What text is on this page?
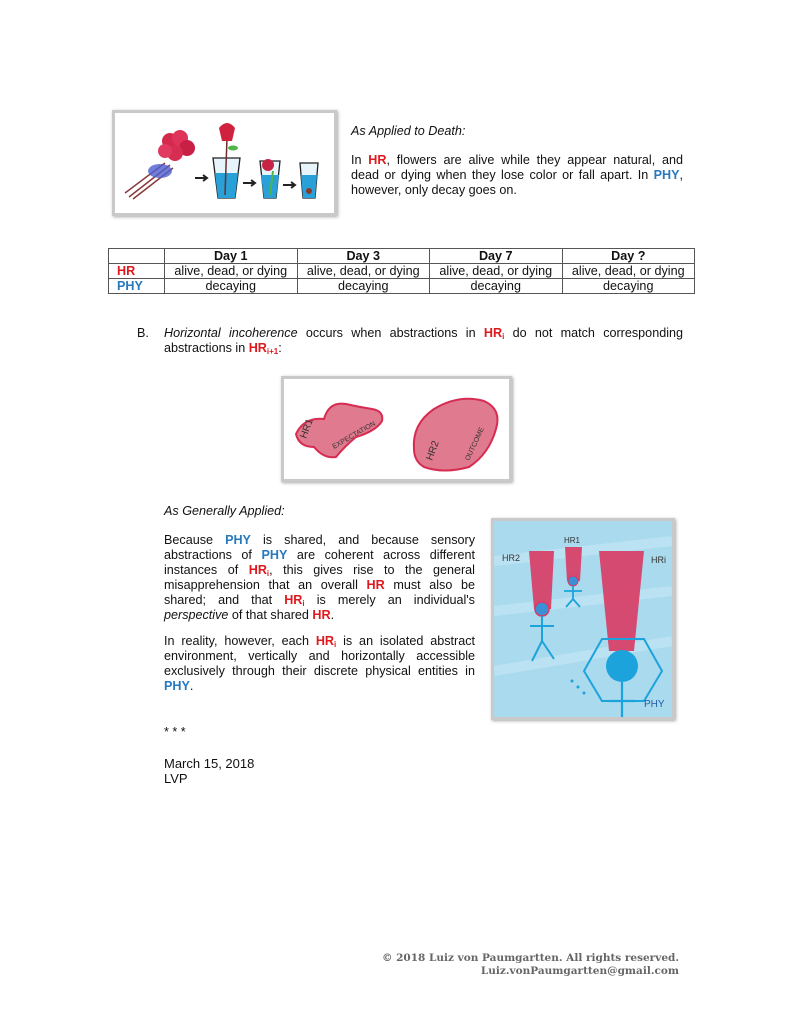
As Applied to Death:
In HR, flowers are alive while they appear natural, and dead or dying when they lose color or fall apart. In PHY, however, only decay goes on.
	Day 1	Day 3	Day 7	Day ?
HR	alive, dead, or dying	alive, dead, or dying	alive, dead, or dying	alive, dead, or dying
PHY	decaying	decaying	decaying	decaying
B. Horizontal incoherence occurs when abstractions in $HR_i$ do not match corresponding abstractions in $HR_{i+1}$:
HR1 EXPECTATION
HR2	OUTCOME
As Generally Applied:
Because PHY is shared, and because sensory abstractions of PHY are coherent across different instances of $HR_i$, this gives rise to the general misapprehension that an overall HR must also be shared; and that $HR_i$ is merely an individual's perspective of that shared HR.
In reality, however, each $HR_i$ is an isolated abstract environment, vertically and horizontally accessible exclusively through their discrete physical entities in PHY.
HR2
HR1
HRi
PHY
* * *
March 15, 2018
LVP
© 2018 Luiz von Paumgartten. All rights reserved.
Luiz.vonPaumgartten@gmail.com
